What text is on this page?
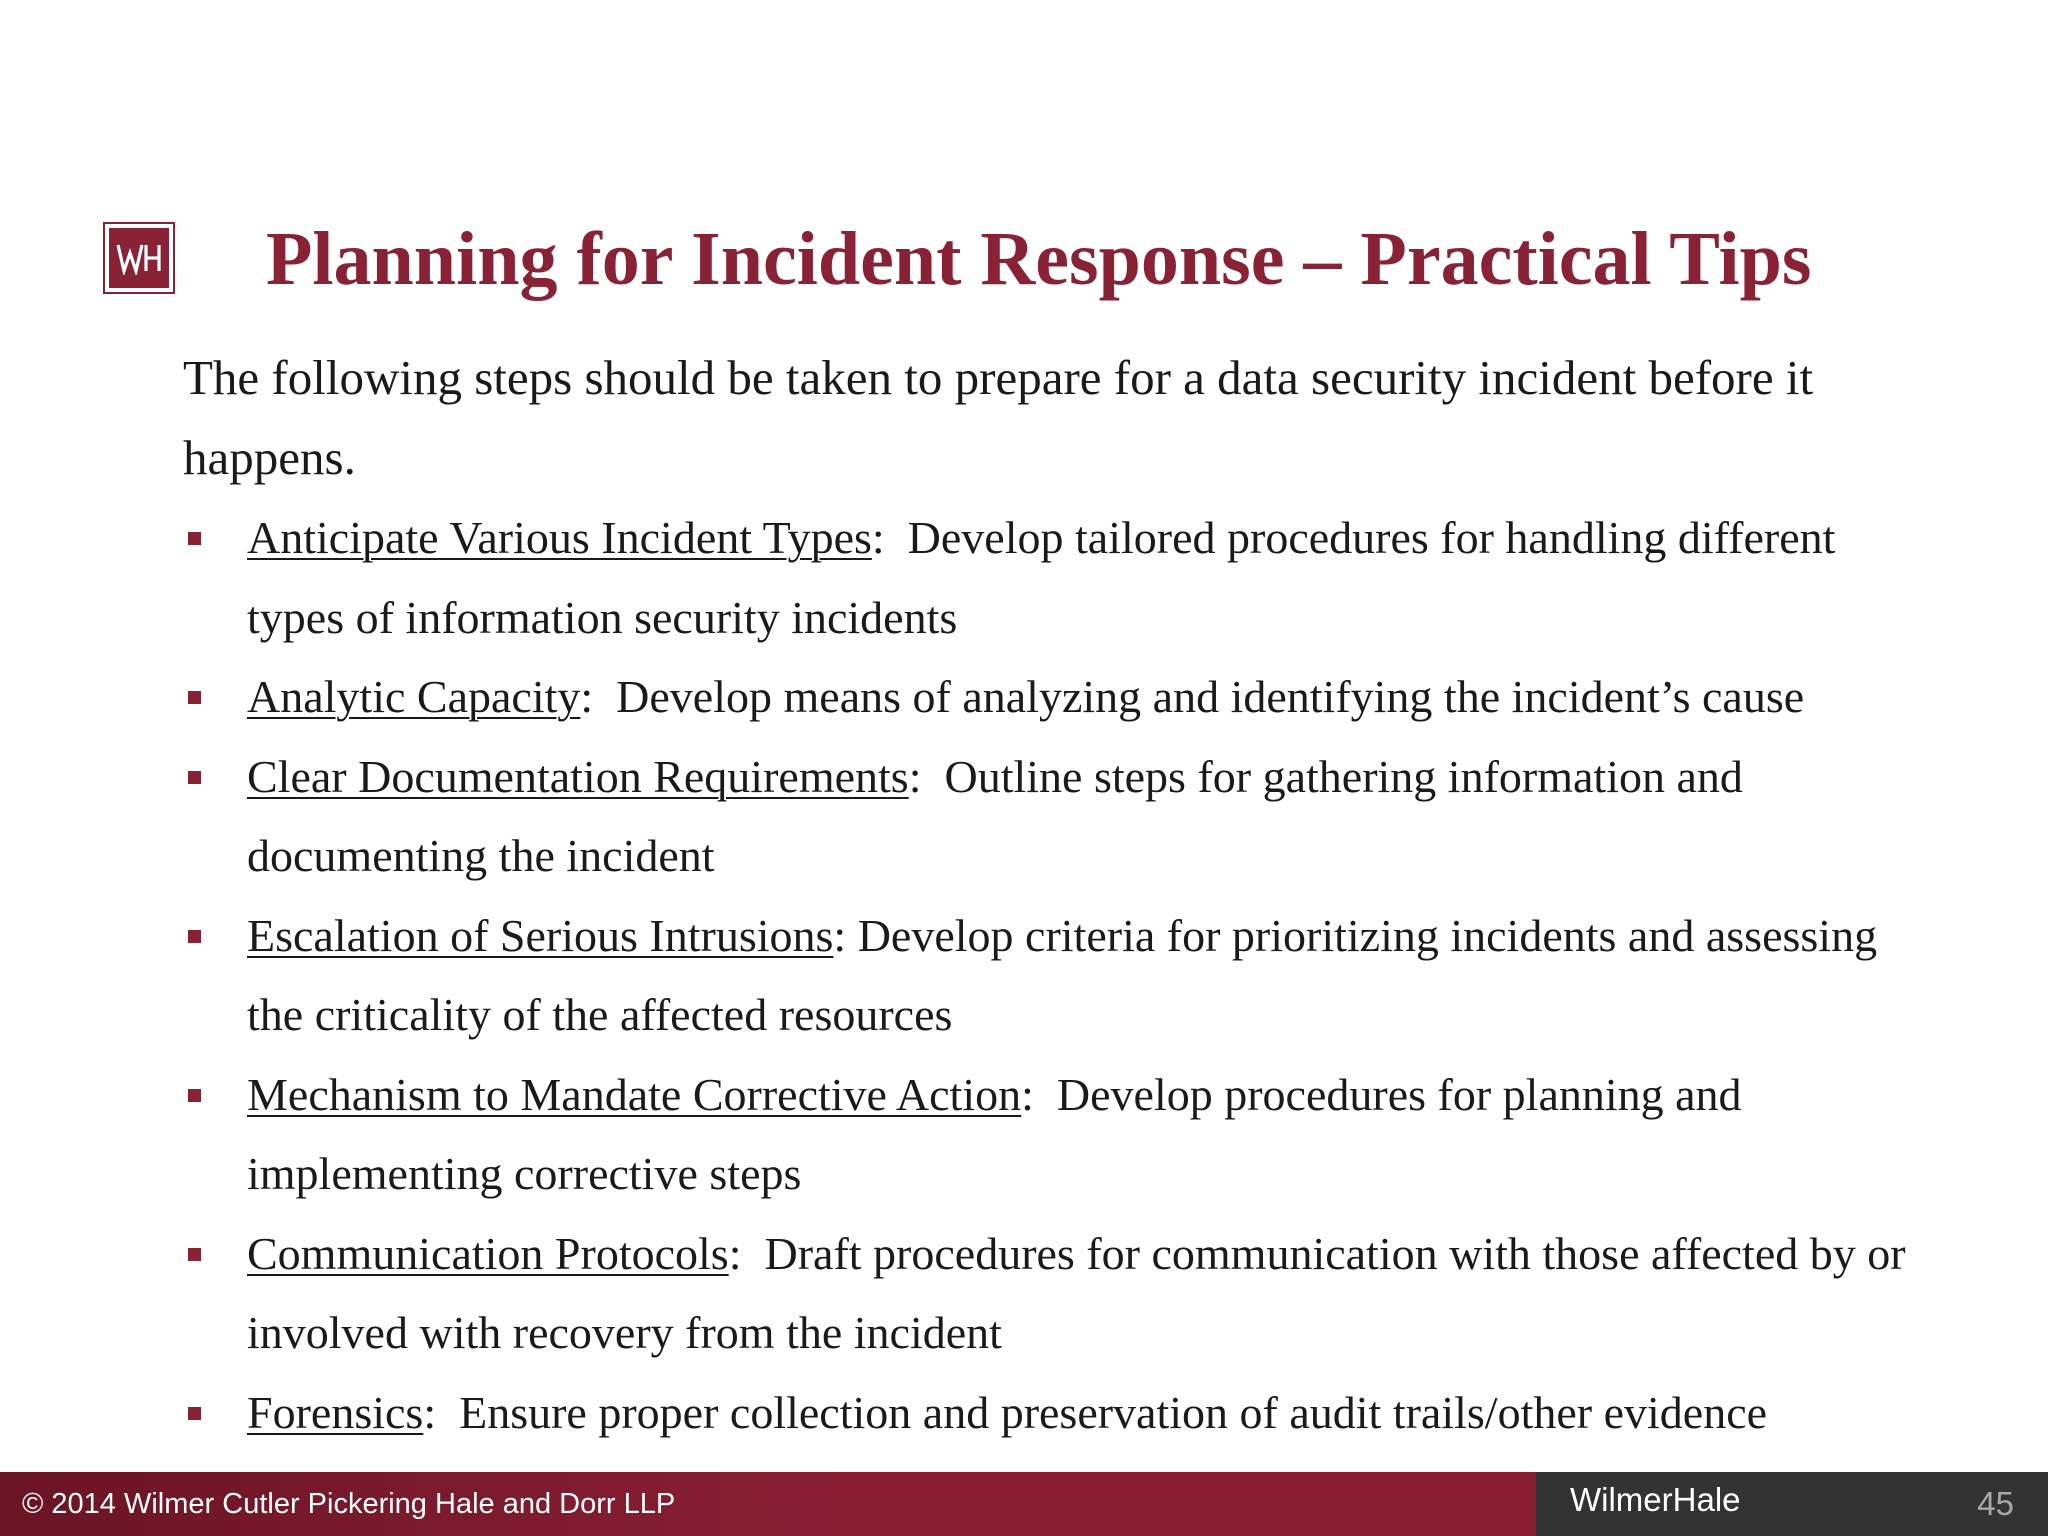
Planning for Incident Response – Practical Tips

The following steps should be taken to prepare for a data security incident before it happens.

Anticipate Various Incident Types:  Develop tailored procedures for handling different types of information security incidents
Analytic Capacity:  Develop means of analyzing and identifying the incident’s cause
Clear Documentation Requirements:  Outline steps for gathering information and documenting the incident
Escalation of Serious Intrusions: Develop criteria for prioritizing incidents and assessing the criticality of the affected resources
Mechanism to Mandate Corrective Action:  Develop procedures for planning and implementing corrective steps
Communication Protocols:  Draft procedures for communication with those affected by or involved with recovery from the incident
Forensics:  Ensure proper collection and preservation of audit trails/other evidence
© 2014 Wilmer Cutler Pickering Hale and Dorr LLP	WilmerHale	45
